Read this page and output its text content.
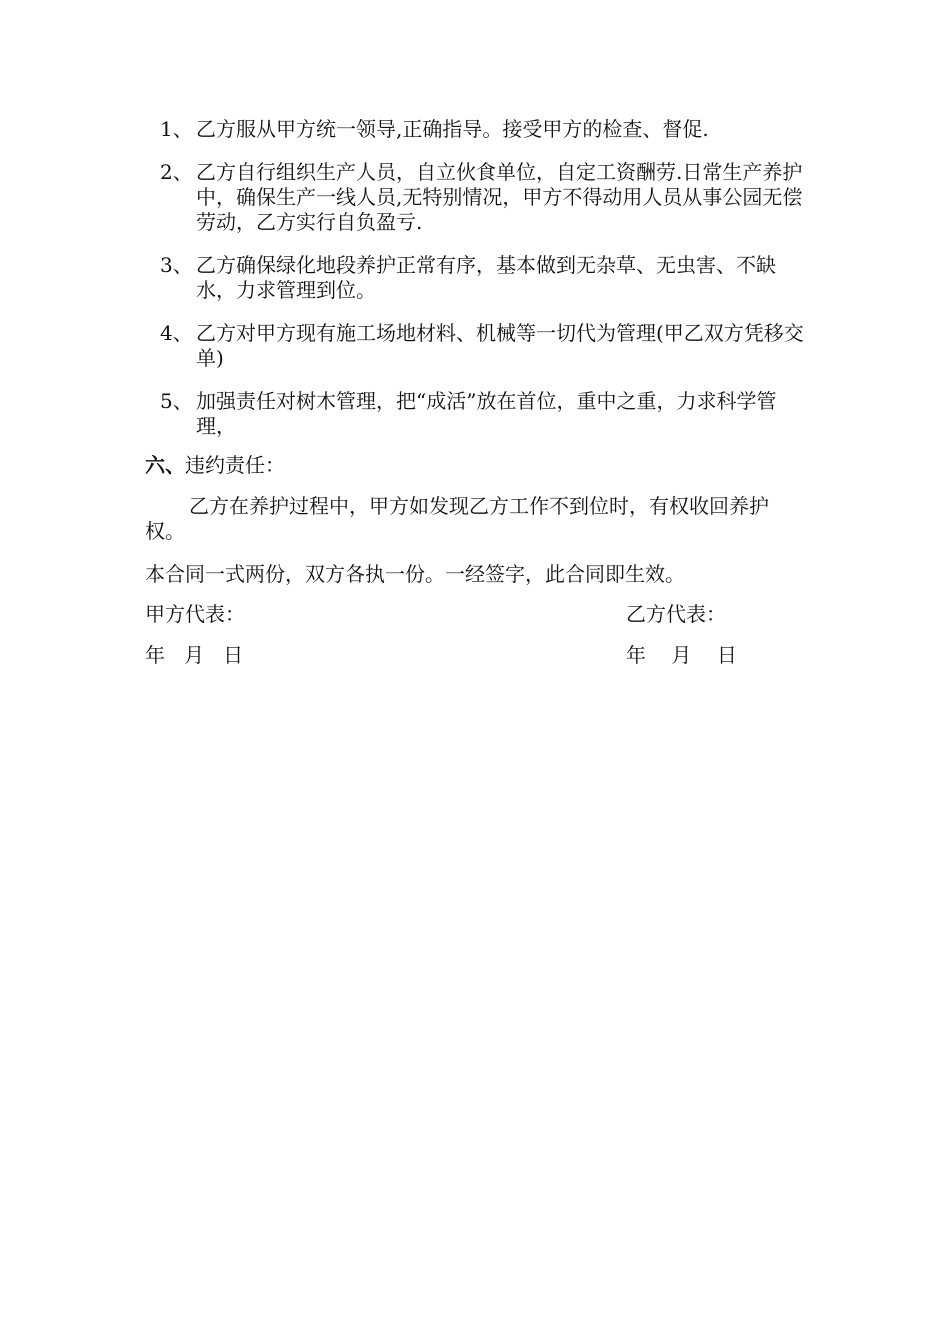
1、 乙方服从甲方统一领导,正确指导。接受甲方的检查、督促.
2、 乙方自行组织生产人员，自立伙食单位，自定工资酬劳.日常生产养护中，确保生产一线人员,无特别情况，甲方不得动用人员从事公园无偿劳动，乙方实行自负盈亏.
3、 乙方确保绿化地段养护正常有序，基本做到无杂草、无虫害、不缺水，力求管理到位。
4、 乙方对甲方现有施工场地材料、机械等一切代为管理(甲乙双方凭移交单)
5、 加强责任对树木管理，把“成活”放在首位，重中之重，力求科学管理，
六、违约责任：
乙方在养护过程中，甲方如发现乙方工作不到位时，有权收回养护权。
本合同一式两份，双方各执一份。一经签字，此合同即生效。
甲方代表：	乙方代表：
年   月   日	年    月    日
